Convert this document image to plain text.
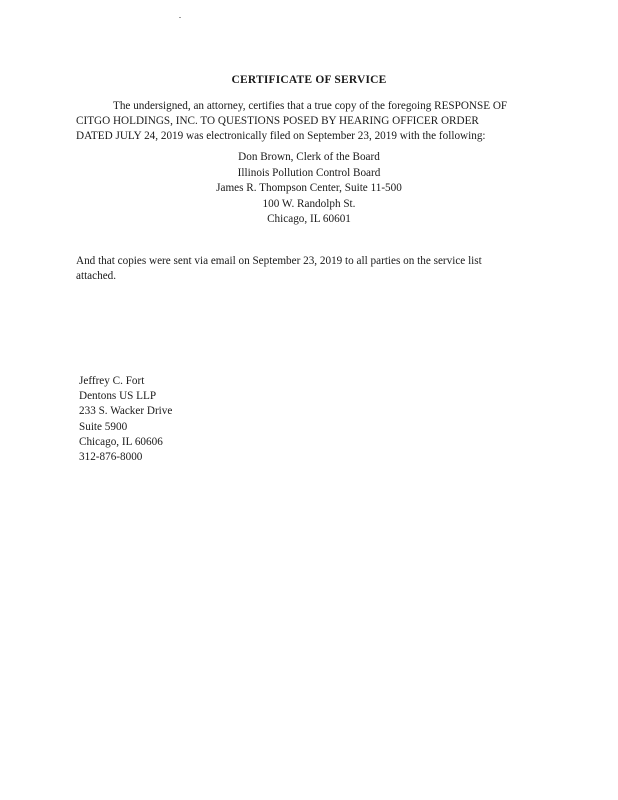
CERTIFICATE OF SERVICE
The undersigned, an attorney, certifies that a true copy of the foregoing RESPONSE OF
CITGO HOLDINGS, INC. TO QUESTIONS POSED BY HEARING OFFICER ORDER
DATED JULY 24, 2019 was electronically filed on September 23, 2019 with the following:
Don Brown, Clerk of the Board
Illinois Pollution Control Board
James R. Thompson Center, Suite 11-500
100 W. Randolph St.
Chicago, IL 60601
And that copies were sent via email on September 23, 2019 to all parties on the service list
attached.
Jeffrey C. Fort
Dentons US LLP
233 S. Wacker Drive
Suite 5900
Chicago, IL 60606
312-876-8000
